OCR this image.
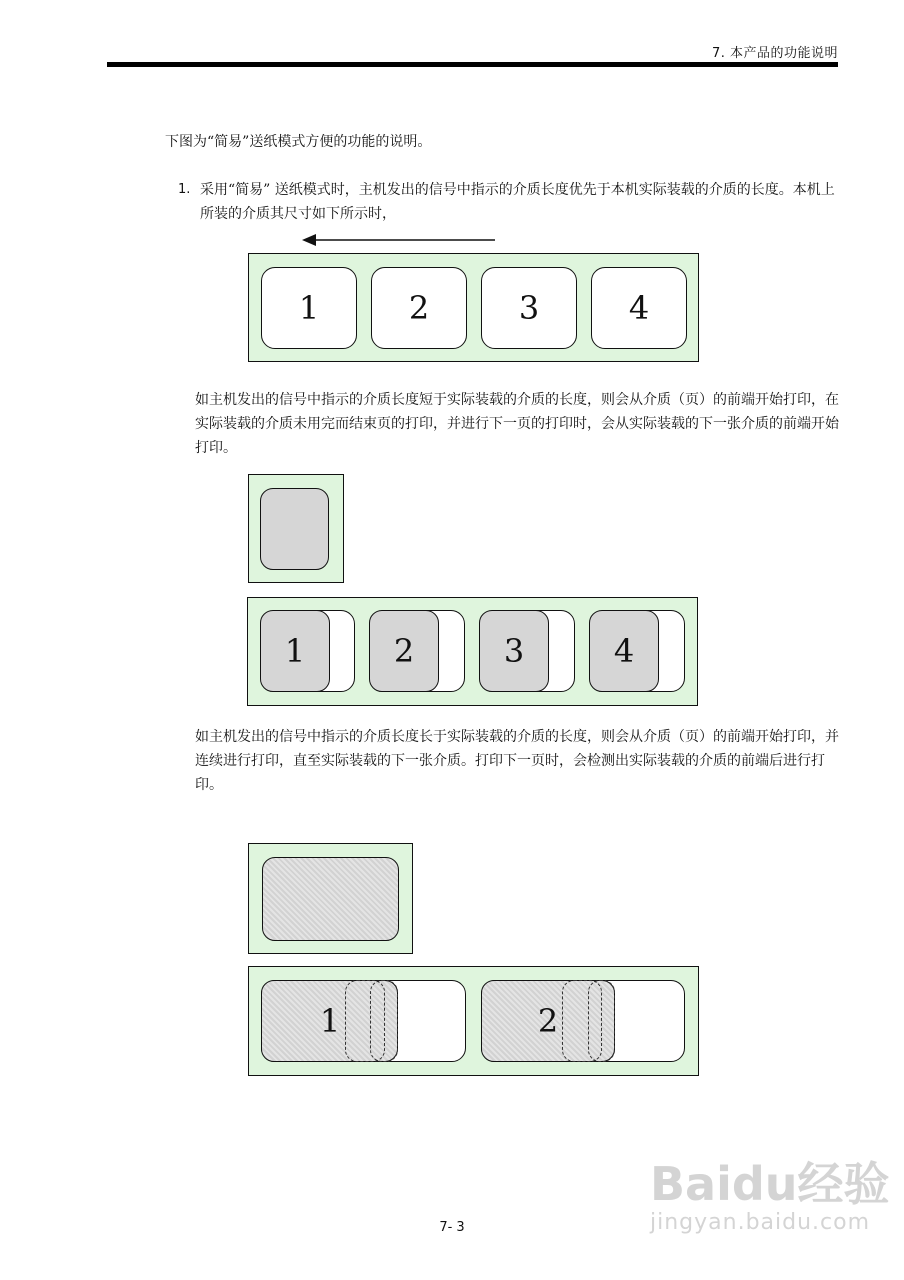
7. 本产品的功能说明
下图为“简易”送纸模式方便的功能的说明。
1. 采用“简易” 送纸模式时，主机发出的信号中指示的介质长度优先于本机实际装载的介质的长度。本机上所装的介质其尺寸如下所示时，
1	2	3	4
如主机发出的信号中指示的介质长度短于实际装载的介质的长度，则会从介质（页）的前端开始打印，在实际装载的介质未用完而结束页的打印，并进行下一页的打印时，会从实际装载的下一张介质的前端开始打印。
1	2	3	4
如主机发出的信号中指示的介质长度长于实际装载的介质的长度，则会从介质（页）的前端开始打印，并连续进行打印，直至实际装载的下一张介质。打印下一页时，会检测出实际装载的介质的前端后进行打印。
1	2
Baidu经验
jingyan.baidu.com
7- 3
